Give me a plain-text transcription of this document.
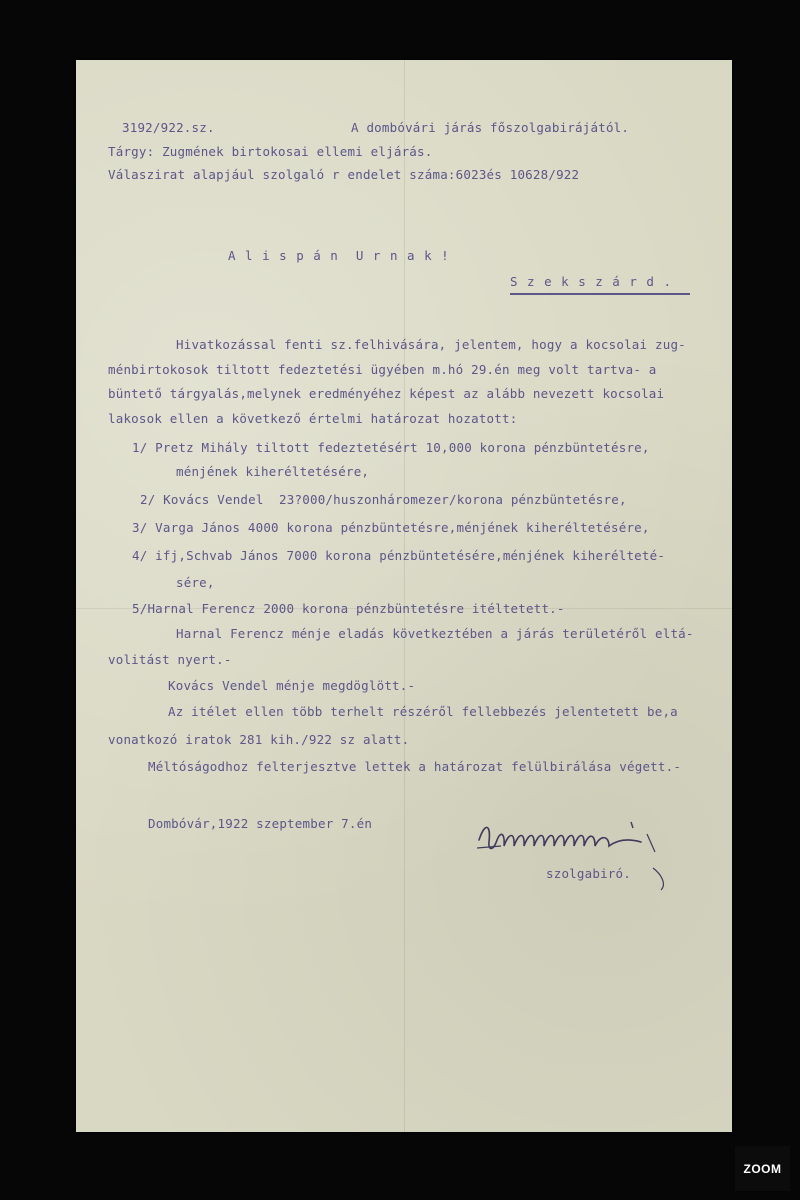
3192/922.sz.	A dombóvári járás főszolgabirájától.
Tárgy: Zugmének birtokosai ellemi eljárás.
Válaszirat alapjául szolgaló r endelet száma:6023és 10628/922
A l i s p á n  U r n a k !
S z e k s z á r d .
Hivatkozással fenti sz.felhivására, jelentem, hogy a kocsolai zug-
ménbirtokosok tiltott fedeztetési ügyében m.hó 29.én meg volt tartva- a
büntető tárgyalás,melynek eredményéhez képest az alább nevezett kocsolai
lakosok ellen a következő értelmi határozat hozatott:
1/ Pretz Mihály tiltott fedeztetésért 10,000 korona pénzbüntetésre,
ménjének kiheréltetésére,
2/ Kovács Vendel  23?000/huszonháromezer/korona pénzbüntetésre,
3/ Varga János 4000 korona pénzbüntetésre,ménjének kiheréltetésére,
4/ ifj,Schvab János 7000 korona pénzbüntetésére,ménjének kiherélteté-
sére,
5/Harnal Ferencz 2000 korona pénzbüntetésre itéltetett.-
Harnal Ferencz ménje eladás következtében a járás területéről eltá-
volitást nyert.-
Kovács Vendel ménje megdöglött.-
Az itélet ellen több terhelt részéről fellebbezés jelentetett be,a
vonatkozó iratok 281 kih./922 sz alatt.
Méltóságodhoz felterjesztve lettek a határozat felülbirálása végett.-
Dombóvár,1922 szeptember 7.én
szolgabiró.
ZOOM
